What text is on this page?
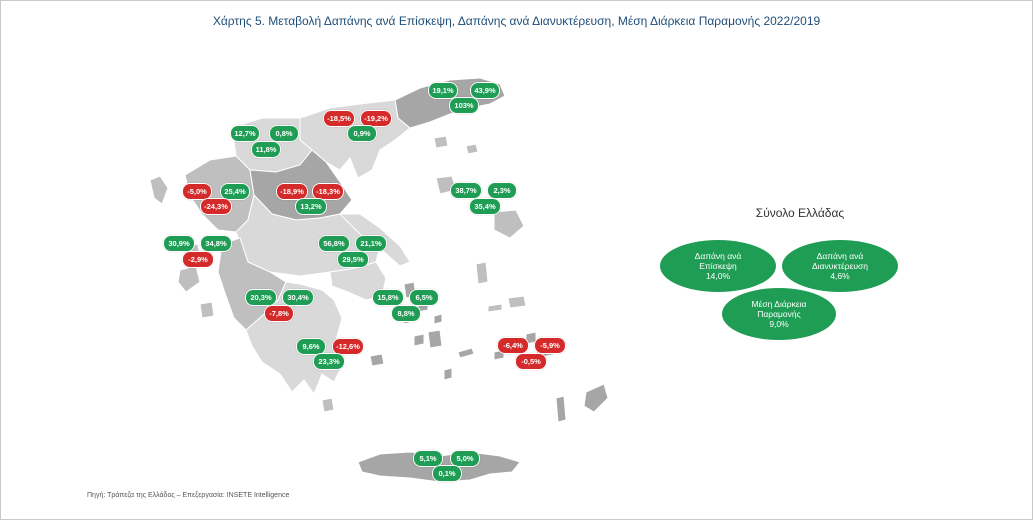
Χάρτης 5. Μεταβολή Δαπάνης ανά Επίσκεψη, Δαπάνης ανά Διανυκτέρευση, Μέση Διάρκεια Παραμονής 2022/2019
19,1%	43,9%
103%
-18,5%	-19,2%
0,9%
12,7%	0,8%
11,8%
-5,0%	25,4%
-24,3%
-18,9%	-18,3%
13,2%
38,7%	2,3%
35,4%
30,9%	34,8%
-2,9%
56,8%	21,1%
29,5%
20,3%	30,4%
-7,8%
15,8%	6,5%
8,8%
9,6%	-12,6%
23,3%
-6,4%	-5,9%
-0,5%
5,1%	5,0%
0,1%
Σύνολο Ελλάδας
Δαπάνη ανά
Επίσκεψη
14,0%
Δαπάνη ανά
Διανυκτέρευση
4,6%
Μέση Διάρκεια
Παραμονής
9,0%
Πηγή: Τράπεζα της Ελλάδος – Επεξεργασία: INSETE Intelligence
